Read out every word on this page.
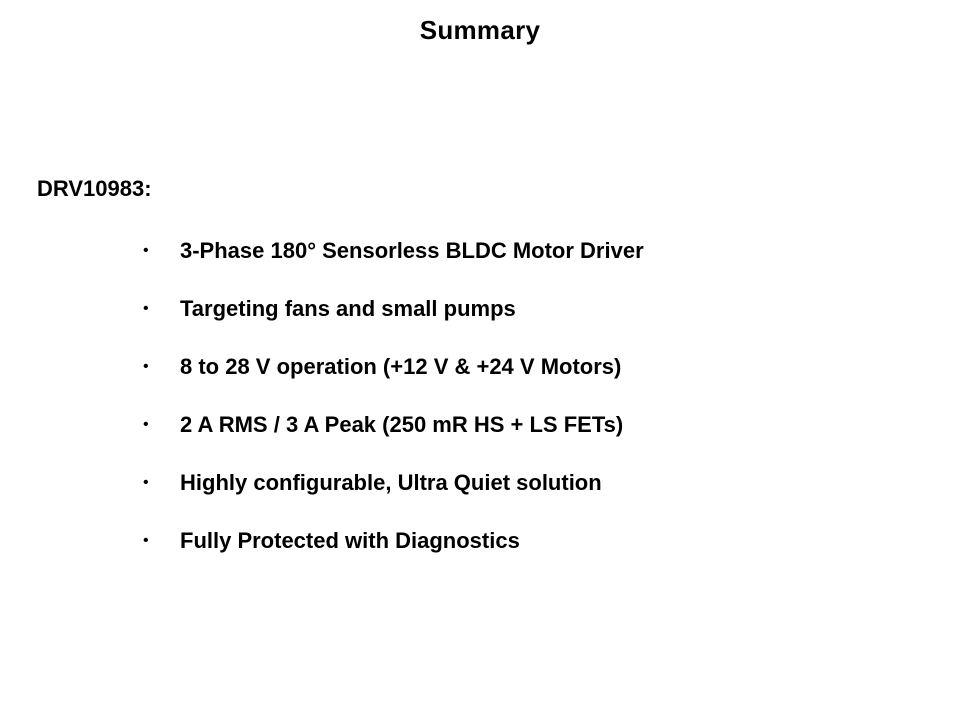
Summary
DRV10983:
• 3-Phase 180° Sensorless BLDC Motor Driver
• Targeting fans and small pumps
• 8 to 28 V operation (+12 V & +24 V Motors)
• 2 A RMS / 3 A Peak (250 mR HS + LS FETs)
• Highly configurable, Ultra Quiet solution
• Fully Protected with Diagnostics
